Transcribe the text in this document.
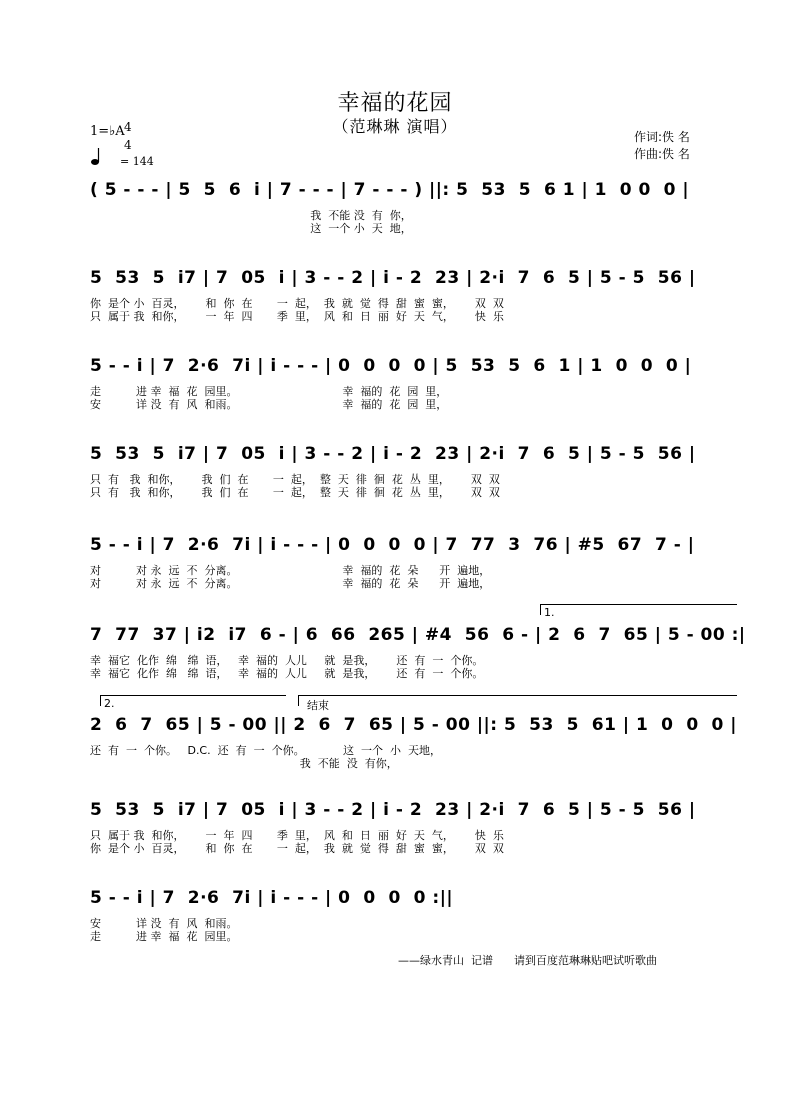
幸福的花园
（范琳琳 演唱）
作词:佚 名
作曲:佚 名
1=♭A 4
4
= 144
( 5 - - - | 5  5  6  i | 7 - - - | 7 - - - ) ||: 5  53  5  6 1 | 1  0 0  0 |
我  不能 没  有  你，
这  一个 小  天  地，
5  53  5  i7 | 7  05  i | 3 - - 2 | i - 2  23 | 2·i  7  6  5 | 5 - 5  56 |
你  是个 小  百灵，      和  你  在       一  起，  我  就  觉  得  甜  蜜  蜜，      双  双
只  属于 我  和你，      一  年  四       季  里，  风  和  日  丽  好  天  气，      快  乐
5 - - i | 7  2·6  7i | i - - - | 0  0  0  0 | 5  53  5  6  1 | 1  0  0  0 |
走          进 幸  福  花  园里。                              幸  福的  花  园  里，
安          详 没  有  风  和雨。                              幸  福的  花  园  里，
5  53  5  i7 | 7  05  i | 3 - - 2 | i - 2  23 | 2·i  7  6  5 | 5 - 5  56 |
只  有   我  和你，      我  们  在       一  起，  整  天  徘  徊  花  丛  里，      双  双
只  有   我  和你，      我  们  在       一  起，  整  天  徘  徊  花  丛  里，      双  双
5 - - i | 7  2·6  7i | i - - - | 0  0  0  0 | 7  77  3  76 | #5  67  7 - |
对          对 永  远  不  分离。                              幸  福的  花  朵      开  遍地，
对          对 永  远  不  分离。                              幸  福的  花  朵      开  遍地，
1.
7  77  37 | i2  i7  6 - | 6  66  265 | #4  56  6 - | 2  6  7  65 | 5 - 00 :|
幸  福它  化作  绵   绵  语，   幸  福的  人儿     就  是我，      还  有  一  个你。
幸  福它  化作  绵   绵  语，   幸  福的  人儿     就  是我，      还  有  一  个你。
2.	结束
2  6  7  65 | 5 - 00 || 2  6  7  65 | 5 - 00 ||: 5  53  5  61 | 1  0  0  0 |
还  有  一  个你。   D.C.  还  有  一  个你。           这  一个  小  天地，
我  不能  没  有你，
5  53  5  i7 | 7  05  i | 3 - - 2 | i - 2  23 | 2·i  7  6  5 | 5 - 5  56 |
只  属于 我  和你，      一  年  四       季  里，  风  和  日  丽  好  天  气，      快  乐
你  是个 小  百灵，      和  你  在       一  起，  我  就  觉  得  甜  蜜  蜜，      双  双
5 - - i | 7  2·6  7i | i - - - | 0  0  0  0 :||
安          详 没  有  风  和雨。
走          进 幸  福  花  园里。
——绿水青山  记谱      请到百度范琳琳贴吧试听歌曲
